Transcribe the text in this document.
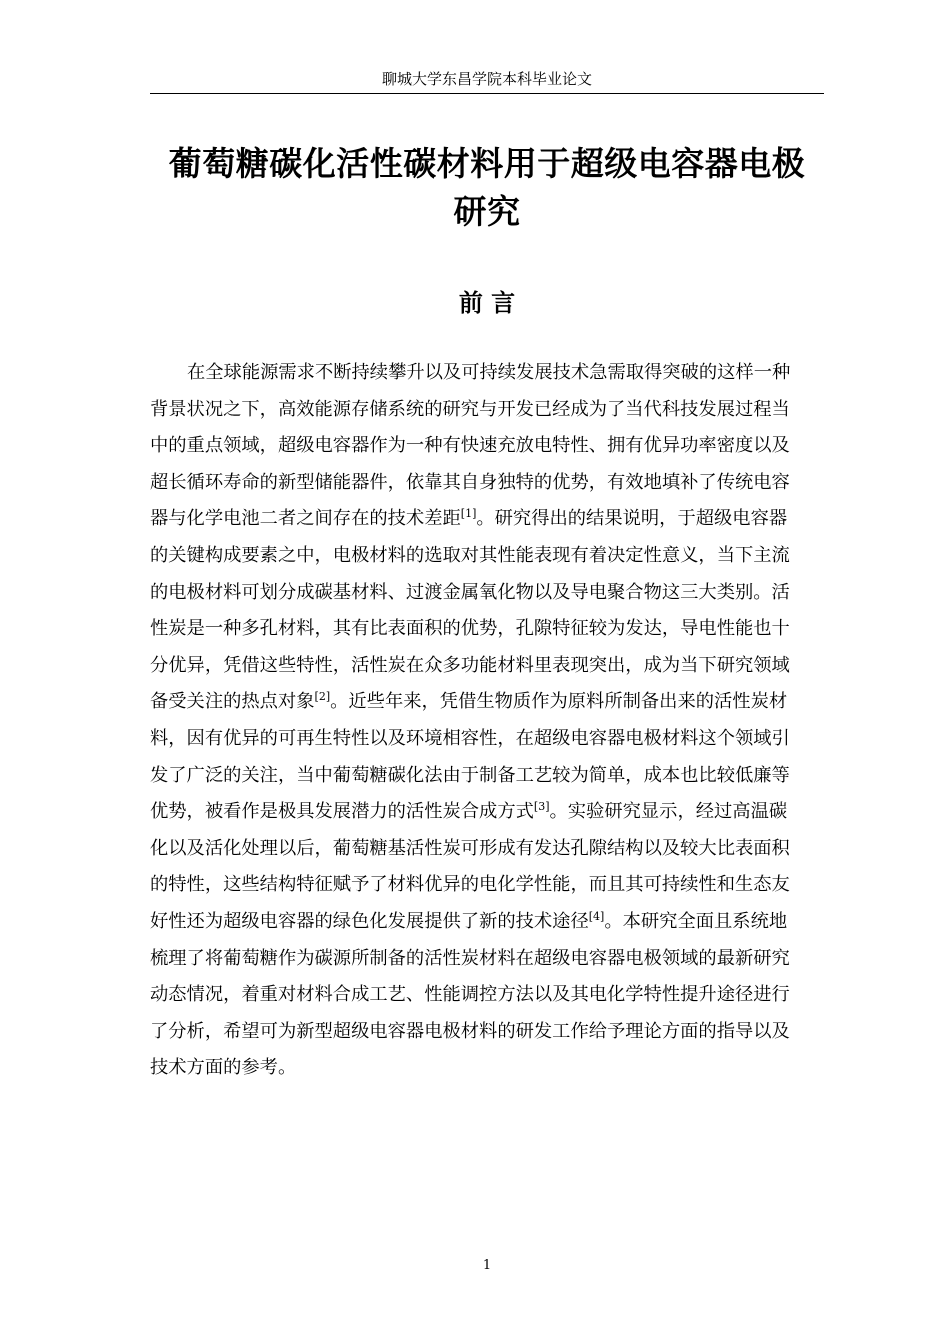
聊城大学东昌学院本科毕业论文
葡萄糖碳化活性碳材料用于超级电容器电极
研究
前 言
在全球能源需求不断持续攀升以及可持续发展技术急需取得突破的这样一种
背景状况之下，高效能源存储系统的研究与开发已经成为了当代科技发展过程当
中的重点领域，超级电容器作为一种有快速充放电特性、拥有优异功率密度以及
超长循环寿命的新型储能器件，依靠其自身独特的优势，有效地填补了传统电容
器与化学电池二者之间存在的技术差距[1]。研究得出的结果说明，于超级电容器
的关键构成要素之中，电极材料的选取对其性能表现有着决定性意义，当下主流
的电极材料可划分成碳基材料、过渡金属氧化物以及导电聚合物这三大类别。活
性炭是一种多孔材料，其有比表面积的优势，孔隙特征较为发达，导电性能也十
分优异，凭借这些特性，活性炭在众多功能材料里表现突出，成为当下研究领域
备受关注的热点对象[2]。近些年来，凭借生物质作为原料所制备出来的活性炭材
料，因有优异的可再生特性以及环境相容性，在超级电容器电极材料这个领域引
发了广泛的关注，当中葡萄糖碳化法由于制备工艺较为简单，成本也比较低廉等
优势，被看作是极具发展潜力的活性炭合成方式[3]。实验研究显示，经过高温碳
化以及活化处理以后，葡萄糖基活性炭可形成有发达孔隙结构以及较大比表面积
的特性，这些结构特征赋予了材料优异的电化学性能，而且其可持续性和生态友
好性还为超级电容器的绿色化发展提供了新的技术途径[4]。本研究全面且系统地
梳理了将葡萄糖作为碳源所制备的活性炭材料在超级电容器电极领域的最新研究
动态情况，着重对材料合成工艺、性能调控方法以及其电化学特性提升途径进行
了分析，希望可为新型超级电容器电极材料的研发工作给予理论方面的指导以及
技术方面的参考。
1
